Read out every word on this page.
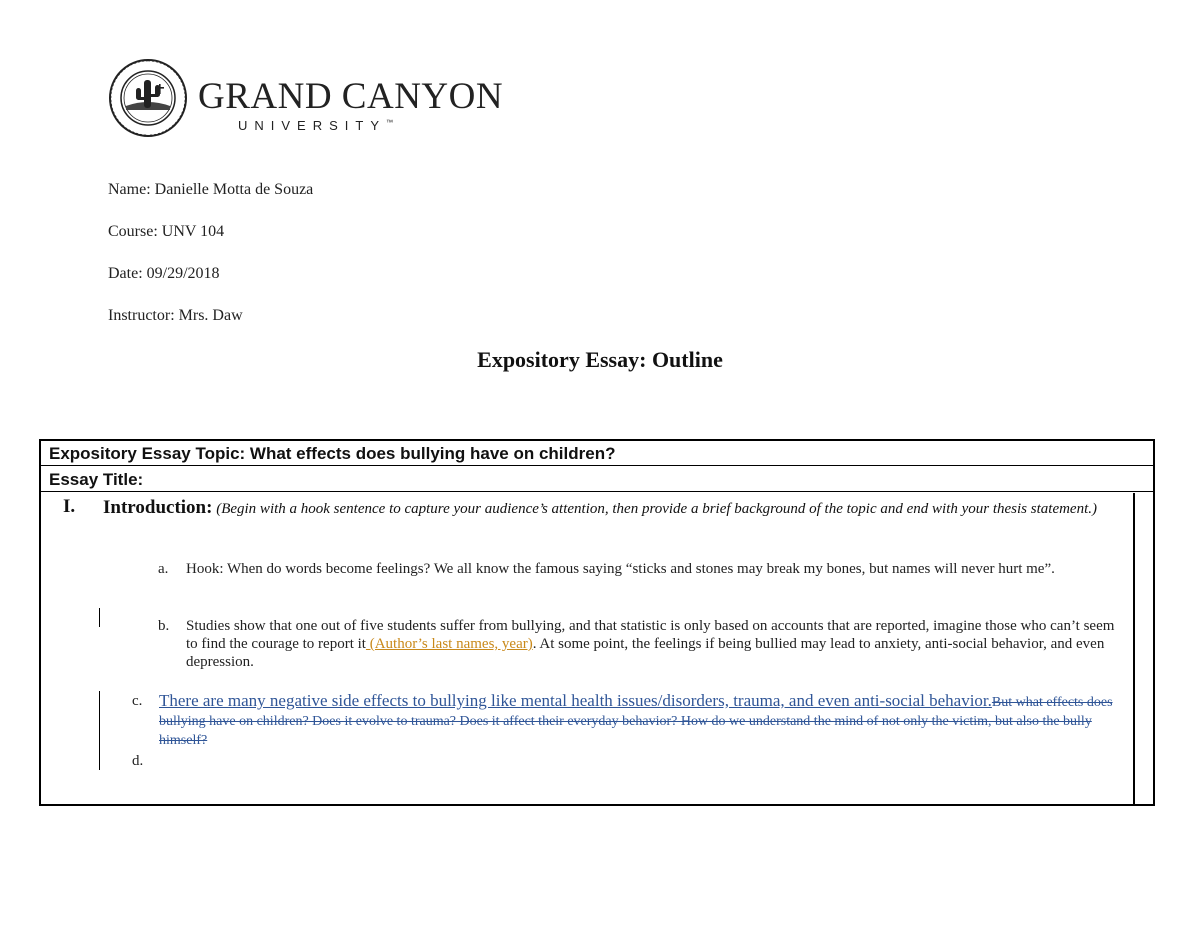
GRAND CANYON
UNIVERSITY™

Name: Danielle Motta de Souza

Course: UNV 104

Date: 09/29/2018

Instructor: Mrs. Daw

Expository Essay: Outline
Expository Essay Topic: What effects does bullying have on children?
Essay Title:
I. Introduction: (Begin with a hook sentence to capture your audience’s attention, then provide a brief background of the topic and end with your thesis statement.)
a.	Hook: When do words become feelings? We all know the famous saying “sticks and stones may break my bones, but names will never hurt me”.
b.	Studies show that one out of five students suffer from bullying, and that statistic is only based on accounts that are reported, imagine those who can’t seem to find the courage to report it (Author’s last names, year). At some point, the feelings if being bullied may lead to anxiety, anti-social behavior, and even depression.
c. There are many negative side effects to bullying like mental health issues/disorders, trauma, and even anti-social behavior.But what effects does bullying have on children? Does it evolve to trauma? Does it affect their everyday behavior? How do we understand the mind of not only the victim, but also the bully himself?
d.
